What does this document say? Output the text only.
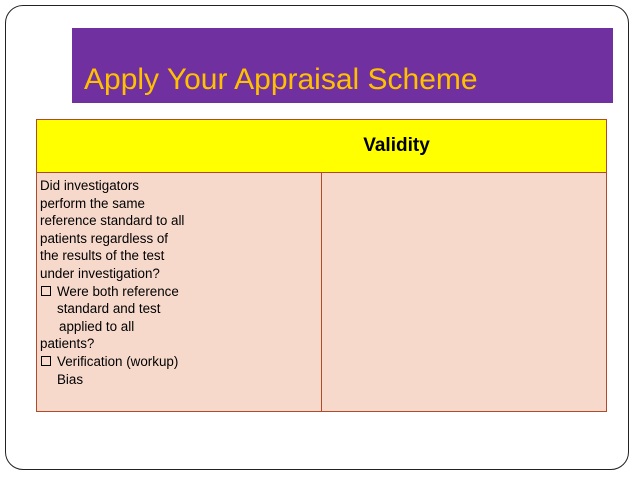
Apply Your Appraisal Scheme
Validity

Did investigators

perform the same

reference standard to all

patients regardless of

the results of the test

under investigation?

Were both reference

standard and test

applied to all

patients?

Verification (workup)

Bias
